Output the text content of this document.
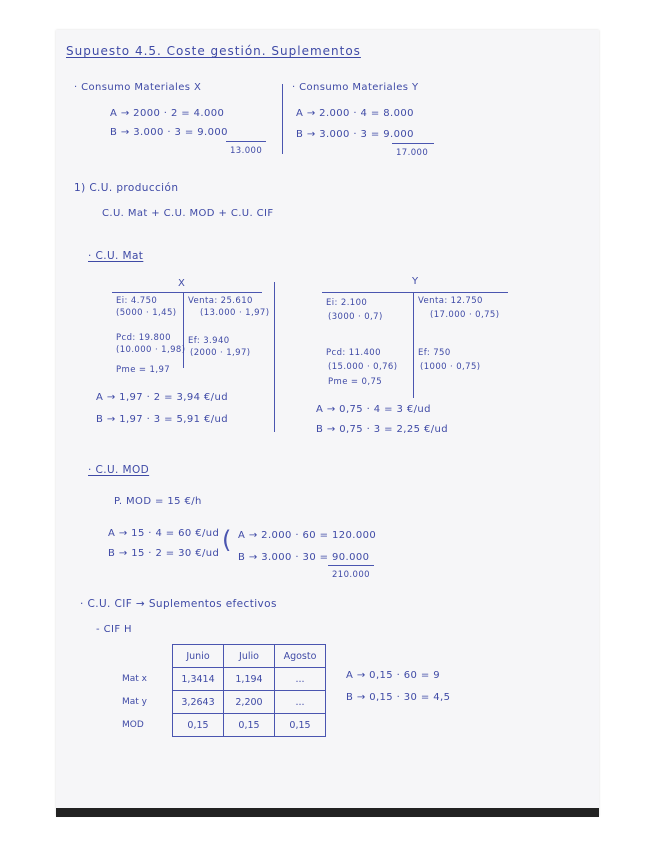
Supuesto 4.5. Coste gestión. Suplementos
· Consumo Materiales X
A → 2000 · 2 = 4.000
B → 3.000 · 3 = 9.000
13.000
· Consumo Materiales Y
A → 2.000 · 4 = 8.000
B → 3.000 · 3 = 9.000
17.000
1) C.U. producción
C.U. Mat + C.U. MOD + C.U. CIF
· C.U. Mat
X
Ei: 4.750
(5000 · 1,45)
Venta: 25.610
(13.000 · 1,97)
Pcd: 19.800
(10.000 · 1,98)
Ef: 3.940
(2000 · 1,97)
Pme = 1,97
A → 1,97 · 2 = 3,94 €/ud
B → 1,97 · 3 = 5,91 €/ud
Y
Ei: 2.100
(3000 · 0,7)
Venta: 12.750
(17.000 · 0,75)
Pcd: 11.400
(15.000 · 0,76)
Ef: 750
(1000 · 0,75)
Pme = 0,75
A → 0,75 · 4 = 3 €/ud
B → 0,75 · 3 = 2,25 €/ud
· C.U. MOD
P. MOD = 15 €/h
A → 15 · 4 = 60 €/ud
B → 15 · 2 = 30 €/ud ( A → 2.000 · 60 = 120.000
B → 3.000 · 30 = 90.000
210.000
· C.U. CIF → Suplementos efectivos
- CIF H
	Junio	Julio	Agosto
Mat x	1,3414	1,194	...
Mat y	3,2643	2,200	...
MOD	0,15	0,15	0,15
A → 0,15 · 60 = 9
B → 0,15 · 30 = 4,5
